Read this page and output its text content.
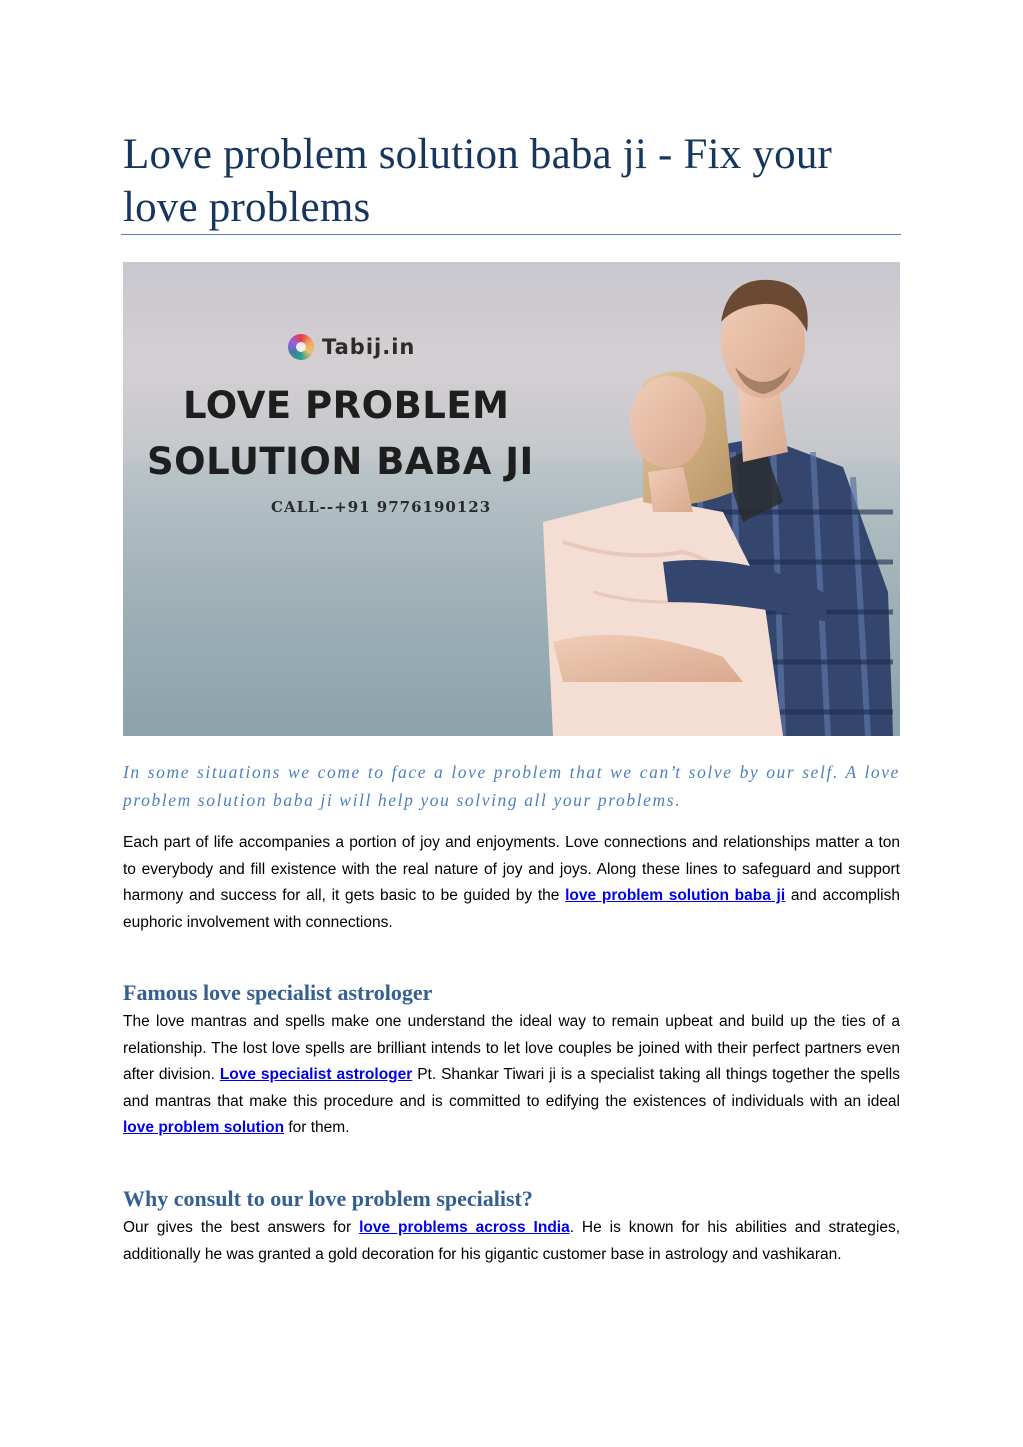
Love problem solution baba ji - Fix your love problems
Tabij.in
LOVE PROBLEM
SOLUTION BABA JI
CALL--+91 9776190123

In some situations we come to face a love problem that we can’t solve by our self. A love problem solution baba ji will help you solving all your problems.

Each part of life accompanies a portion of joy and enjoyments. Love connections and relationships matter a ton to everybody and fill existence with the real nature of joy and joys. Along these lines to safeguard and support harmony and success for all, it gets basic to be guided by the love problem solution baba ji and accomplish euphoric involvement with connections.

Famous love specialist astrologer

The love mantras and spells make one understand the ideal way to remain upbeat and build up the ties of a relationship. The lost love spells are brilliant intends to let love couples be joined with their perfect partners even after division. Love specialist astrologer Pt. Shankar Tiwari ji is a specialist taking all things together the spells and mantras that make this procedure and is committed to edifying the existences of individuals with an ideal love problem solution for them.

Why consult to our love problem specialist?

Our gives the best answers for love problems across India. He is known for his abilities and strategies, additionally he was granted a gold decoration for his gigantic customer base in astrology and vashikaran.
